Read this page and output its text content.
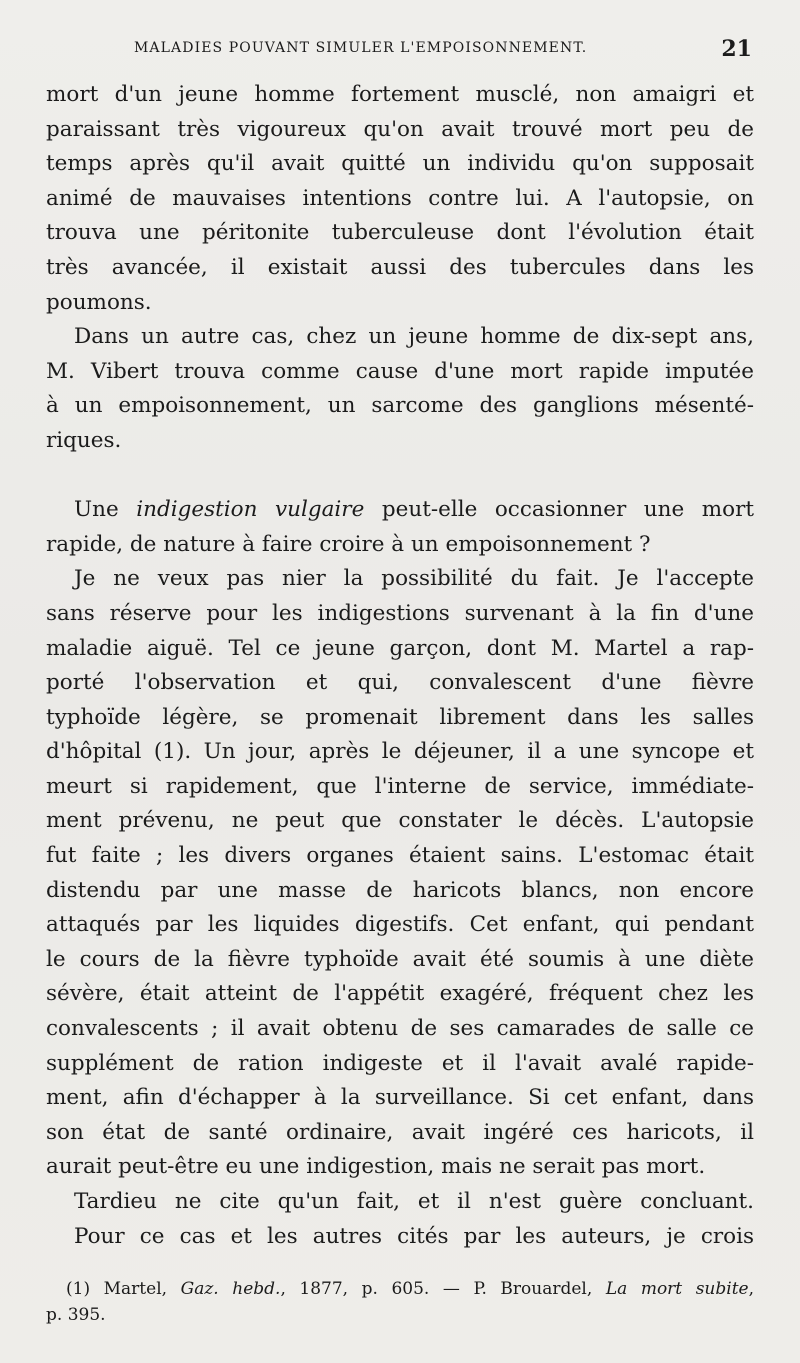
MALADIES POUVANT SIMULER L'EMPOISONNEMENT.	21
mort d'un jeune homme fortement musclé, non amaigri et
paraissant très vigoureux qu'on avait trouvé mort peu de
temps après qu'il avait quitté un individu qu'on supposait
animé de mauvaises intentions contre lui. A l'autopsie, on
trouva une péritonite tuberculeuse dont l'évolution était
très avancée, il existait aussi des tubercules dans les
poumons.
Dans un autre cas, chez un jeune homme de dix-sept ans,
M. Vibert trouva comme cause d'une mort rapide imputée
à un empoisonnement, un sarcome des ganglions mésenté-
riques.
Une indigestion vulgaire peut-elle occasionner une mort
rapide, de nature à faire croire à un empoisonnement ?
Je ne veux pas nier la possibilité du fait. Je l'accepte
sans réserve pour les indigestions survenant à la fin d'une
maladie aiguë. Tel ce jeune garçon, dont M. Martel a rap-
porté l'observation et qui, convalescent d'une fièvre
typhoïde légère, se promenait librement dans les salles
d'hôpital (1). Un jour, après le déjeuner, il a une syncope et
meurt si rapidement, que l'interne de service, immédiate-
ment prévenu, ne peut que constater le décès. L'autopsie
fut faite ; les divers organes étaient sains. L'estomac était
distendu par une masse de haricots blancs, non encore
attaqués par les liquides digestifs. Cet enfant, qui pendant
le cours de la fièvre typhoïde avait été soumis à une diète
sévère, était atteint de l'appétit exagéré, fréquent chez les
convalescents ; il avait obtenu de ses camarades de salle ce
supplément de ration indigeste et il l'avait avalé rapide-
ment, afin d'échapper à la surveillance. Si cet enfant, dans
son état de santé ordinaire, avait ingéré ces haricots, il
aurait peut-être eu une indigestion, mais ne serait pas mort.
Tardieu ne cite qu'un fait, et il n'est guère concluant.
Pour ce cas et les autres cités par les auteurs, je crois
(1) Martel, Gaz. hebd., 1877, p. 605. — P. Brouardel, La mort subite,
p. 395.
